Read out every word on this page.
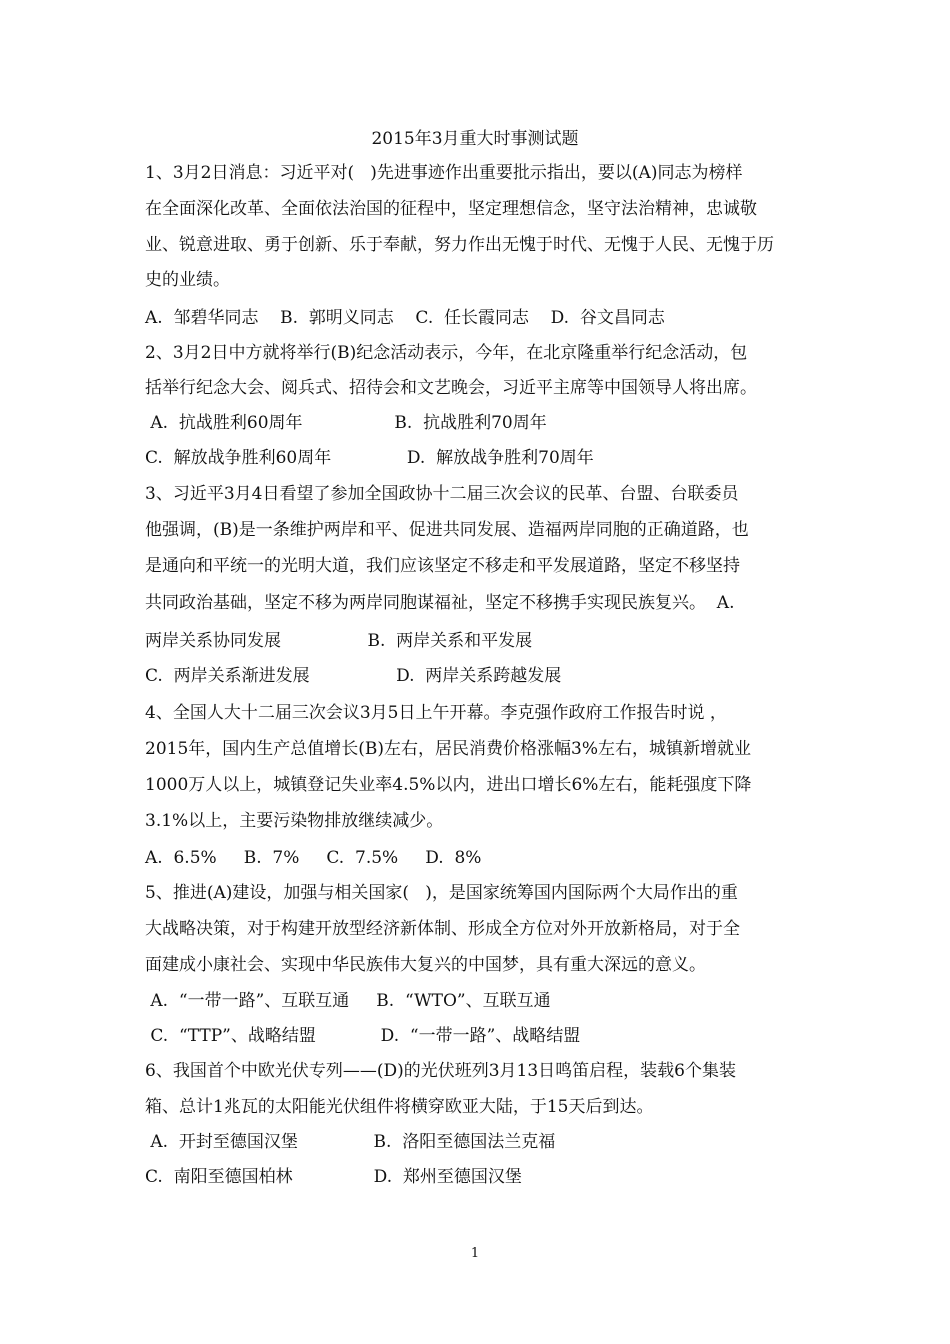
2015年3月重大时事测试题
1、3月2日消息：习近平对(   )先进事迹作出重要批示指出，要以(A)同志为榜样
在全面深化改革、全面依法治国的征程中，坚定理想信念，坚守法治精神，忠诚敬
业、锐意进取、勇于创新、乐于奉献，努力作出无愧于时代、无愧于人民、无愧于历
史的业绩。
A.  邹碧华同志    B.  郭明义同志    C.  任长霞同志    D.  谷文昌同志
2、3月2日中方就将举行(B)纪念活动表示，今年，在北京隆重举行纪念活动，包
括举行纪念大会、阅兵式、招待会和文艺晚会，习近平主席等中国领导人将出席。
A.  抗战胜利60周年                 B.  抗战胜利70周年
C.  解放战争胜利60周年              D.  解放战争胜利70周年
3、习近平3月4日看望了参加全国政协十二届三次会议的民革、台盟、台联委员
他强调，(B)是一条维护两岸和平、促进共同发展、造福两岸同胞的正确道路，也
是通向和平统一的光明大道，我们应该坚定不移走和平发展道路，坚定不移坚持
共同政治基础，坚定不移为两岸同胞谋福祉，坚定不移携手实现民族复兴。  A.
两岸关系协同发展                B.  两岸关系和平发展
C.  两岸关系渐进发展                D.  两岸关系跨越发展
4、全国人大十二届三次会议3月5日上午开幕。李克强作政府工作报告时说 ，
2015年，国内生产总值增长(B)左右，居民消费价格涨幅3%左右，城镇新增就业
1000万人以上，城镇登记失业率4.5%以内，进出口增长6%左右，能耗强度下降
3.1%以上，主要污染物排放继续减少。
A.  6.5%     B.  7%     C.  7.5%     D.  8%
5、推进(A)建设，加强与相关国家(   )，是国家统筹国内国际两个大局作出的重
大战略决策，对于构建开放型经济新体制、形成全方位对外开放新格局，对于全
面建成小康社会、实现中华民族伟大复兴的中国梦，具有重大深远的意义。
A.  “一带一路”、互联互通     B.  “WTO”、互联互通
C.  “TTP”、战略结盟            D.  “一带一路”、战略结盟
6、我国首个中欧光伏专列——(D)的光伏班列3月13日鸣笛启程，装载6个集装
箱、总计1兆瓦的太阳能光伏组件将横穿欧亚大陆，于15天后到达。
A.  开封至德国汉堡              B.  洛阳至德国法兰克福
C.  南阳至德国柏林               D.  郑州至德国汉堡
1
